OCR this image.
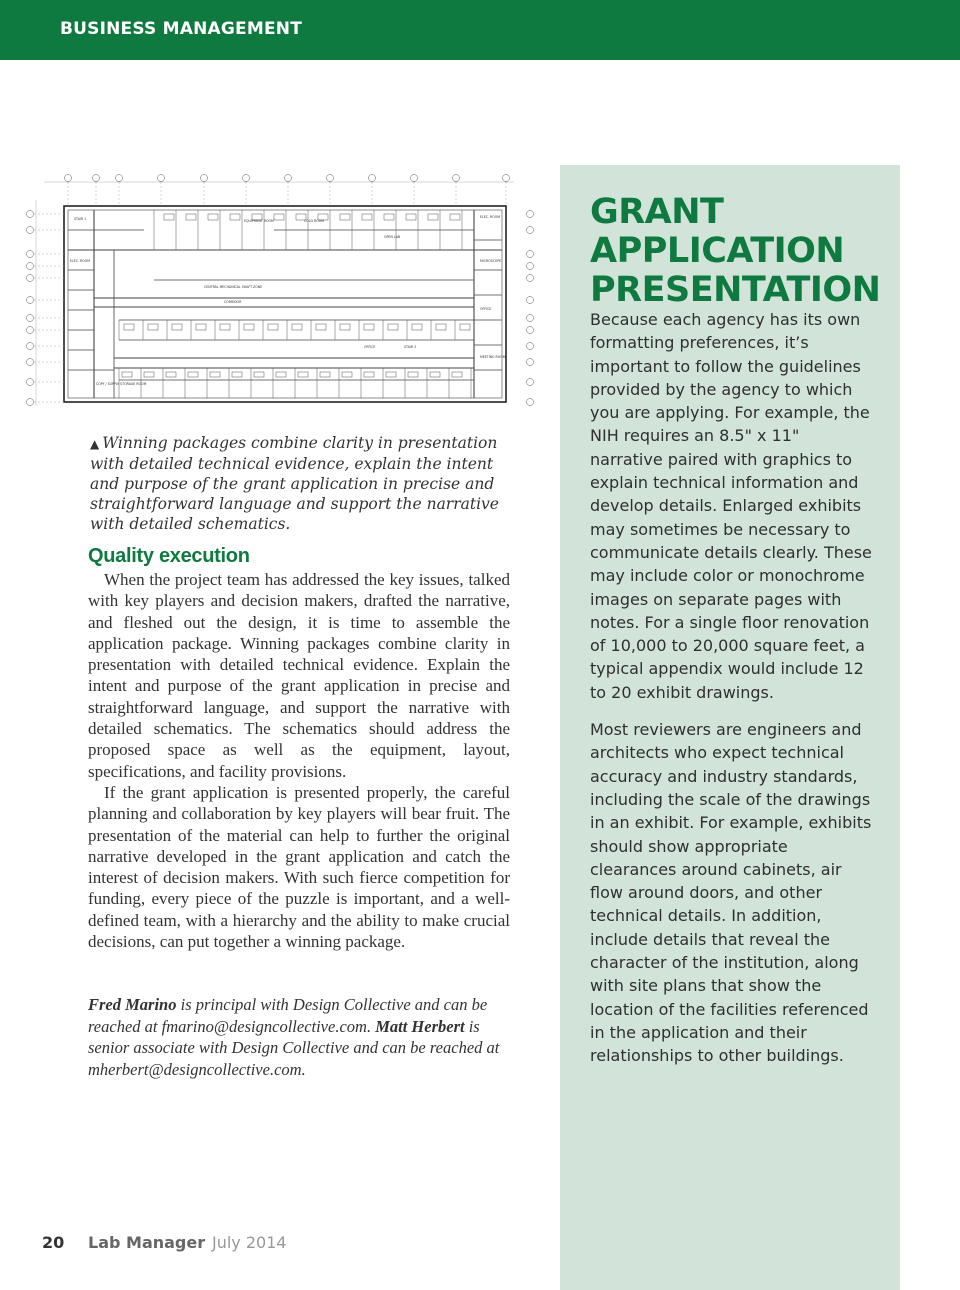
BUSINESS MANAGEMENT
STAIR 1
ELEC. ROOM
CORRIDOR
CENTRAL MECHANICAL SHAFT ZONE
EQUIPMENT ROOM	COLD ROOM
OFFICE	STAIR 3
ELEC. ROOM
MICROSCOPE
OFFICE
MEETING ROOM
OPEN LAB
COPY / SUPPLY STORAGE ROOM
▲ Winning packages combine clarity in presentation with detailed technical evidence, explain the intent and purpose of the grant application in precise and straightforward language and support the narrative with detailed schematics.
Quality execution

When the project team has addressed the key issues, talked with key players and decision makers, drafted the narrative, and fleshed out the design, it is time to assemble the application package. Winning packages combine clarity in presentation with detailed technical evidence. Explain the intent and purpose of the grant application in precise and straightforward language, and support the narrative with detailed schematics. The schematics should address the proposed space as well as the equipment, layout, specifications, and facility provisions.

If the grant application is presented properly, the careful planning and collaboration by key players will bear fruit. The presentation of the material can help to further the original narrative developed in the grant application and catch the interest of decision makers. With such fierce competition for funding, every piece of the puzzle is important, and a well-defined team, with a hierarchy and the ability to make crucial decisions, can put together a winning package.

Fred Marino is principal with Design Collective and can be reached at fmarino@designcollective.com. Matt Herbert is senior associate with Design Collective and can be reached at mherbert@designcollective.com.
GRANT
APPLICATION
PRESENTATION

Because each agency has its own formatting preferences, it’s important to follow the guidelines provided by the agency to which you are applying. For example, the NIH requires an 8.5" x 11" narrative paired with graphics to explain technical information and develop details. Enlarged exhibits may sometimes be necessary to communicate details clearly. These may include color or monochrome images on separate pages with notes. For a single floor renovation of 10,000 to 20,000 square feet, a typical appendix would include 12 to 20 exhibit drawings.

Most reviewers are engineers and architects who expect technical accuracy and industry standards, including the scale of the drawings in an exhibit. For example, exhibits should show appropriate clearances around cabinets, air flow around doors, and other technical details. In addition, include details that reveal the character of the institution, along with site plans that show the location of the facilities referenced in the application and their relationships to other buildings.

20 Lab Manager July 2014
